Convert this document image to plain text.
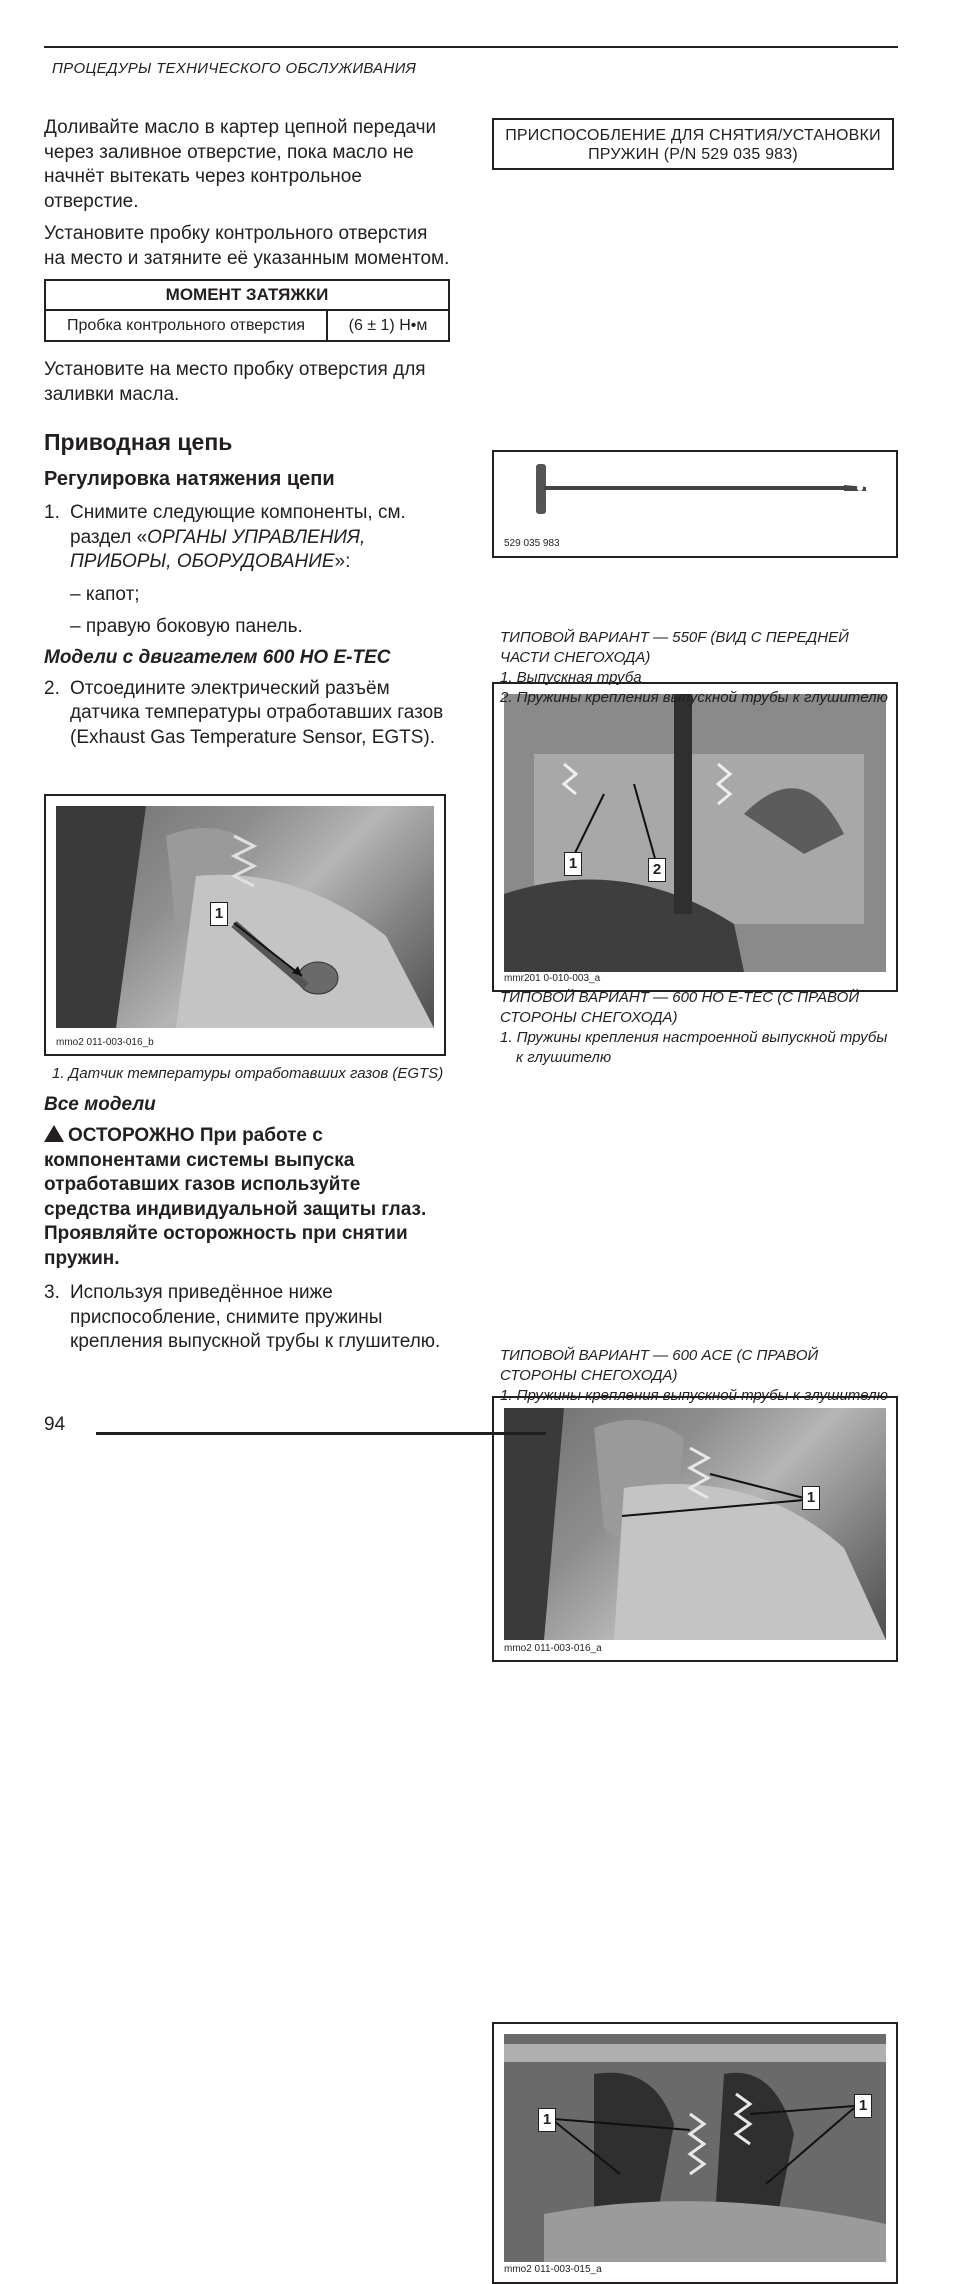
ПРОЦЕДУРЫ ТЕХНИЧЕСКОГО ОБСЛУЖИВАНИЯ

Доливайте масло в картер цепной передачи через заливное отверстие, пока масло не начнёт вытекать через контрольное отверстие.

Установите пробку контрольного отверстия на место и затяните её указанным моментом.

МОМЕНТ ЗАТЯЖКИ
Пробка контрольного отверстия	(6 ± 1) Н•м

Установите на место пробку отверстия для заливки масла.

Приводная цепь
Регулировка натяжения цепи
1. Снимите следующие компоненты, см. раздел «ОРГАНЫ УПРАВЛЕНИЯ, ПРИБОРЫ, ОБОРУДОВАНИЕ»:
– капот;
– правую боковую панель.
Модели с двигателем 600 HO E-TEC
2. Отсоедините электрический разъём датчика температуры отработавших газов (Exhaust Gas Temperature Sensor, EGTS).
1
mmo2 011-003-016_b
1. Датчик температуры отработавших газов (EGTS)
Все модели
ОСТОРОЖНО При работе с компонентами системы выпуска отработавших газов используйте средства индивидуальной защиты глаз. Проявляйте осторожность при снятии пружин.
3. Используя приведённое ниже приспособление, снимите пружины крепления выпускной трубы к глушителю.
ПРИСПОСОБЛЕНИЕ ДЛЯ СНЯТИЯ/УСТАНОВКИ ПРУЖИН (P/N 529 035 983)
529 035 983
1	2
mmr201 0-010-003_a
ТИПОВОЙ ВАРИАНТ — 550F (ВИД С ПЕРЕДНЕЙ ЧАСТИ СНЕГОХОДА)
1. Выпускная труба
2. Пружины крепления выпускной трубы к глушителю
1
mmo2 011-003-016_a
ТИПОВОЙ ВАРИАНТ — 600 HO E-TEC (С ПРАВОЙ СТОРОНЫ СНЕГОХОДА)
1. Пружины крепления настроенной выпускной трубы к глушителю
1
1
mmo2 011-003-015_a
ТИПОВОЙ ВАРИАНТ — 600 ACE (С ПРАВОЙ СТОРОНЫ СНЕГОХОДА)
1. Пружины крепления выпускной трубы к глушителю
94
